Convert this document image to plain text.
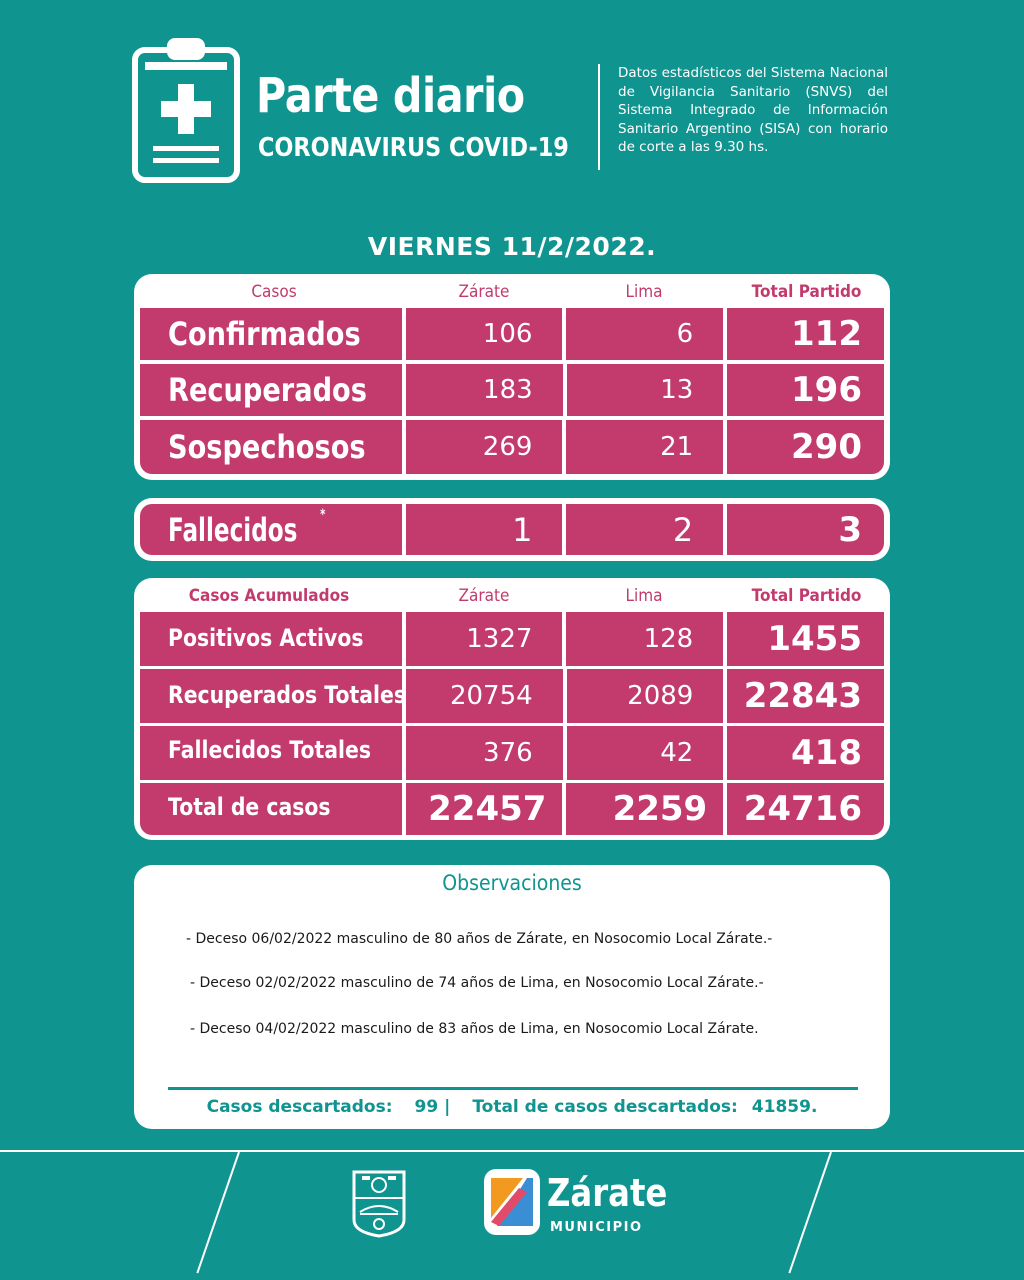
Parte diario
CORONAVIRUS COVID-19
Datos estadísticos del Sistema Nacional de Vigilancia Sanitario (SNVS) del Sistema Integrado de Información Sanitario Argentino (SISA) con horario de corte a las 9.30 hs.
VIERNES 11/2/2022.
Casos	Zárate	Lima	Total Partido
Confirmados	106	6	112
Recuperados	183	13	196
Sospechosos	269	21	290
Fallecidos *	1	2	3
Casos Acumulados	Zárate	Lima	Total Partido
Positivos Activos	1327	128	1455
Recuperados Totales	20754	2089	22843
Fallecidos Totales	376	42	418
Total de casos	22457	2259	24716
Observaciones
- Deceso 06/02/2022 masculino de 80 años de Zárate, en Nosocomio Local Zárate.-
- Deceso 02/02/2022 masculino de 74 años de Lima, en Nosocomio Local Zárate.-
- Deceso 04/02/2022 masculino de 83 años de Lima, en Nosocomio Local Zárate.
Casos descartados: 99 | Total de casos descartados: 41859.
Zárate
MUNICIPIO
